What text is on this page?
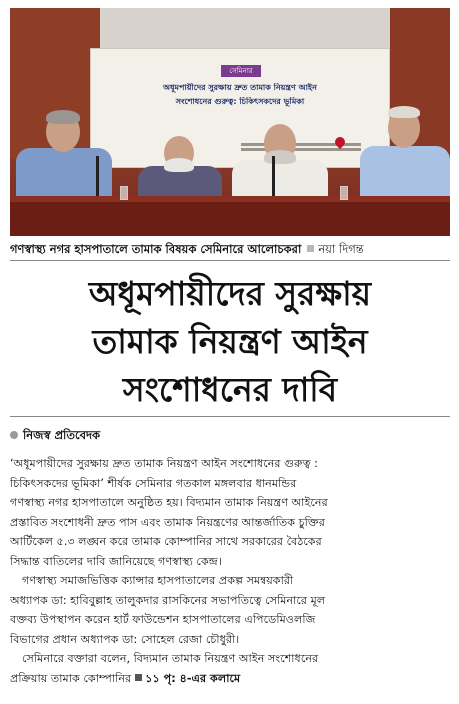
সেমিনার
অধূমপায়ীদের সুরক্ষায় দ্রুত তামাক নিয়ন্ত্রণ আইন
সংশোধনের গুরুত্ব: চিকিৎসকদের ভূমিকা
গণস্বাস্থ্য নগর হাসপাতালে তামাক বিষয়ক সেমিনারে আলোচকরা নয়া দিগন্ত
অধূমপায়ীদের সুরক্ষায়
তামাক নিয়ন্ত্রণ আইন
সংশোধনের দাবি
নিজস্ব প্রতিবেদক
‘অধূমপায়ীদের সুরক্ষায় দ্রুত তামাক নিয়ন্ত্রণ আইন সংশোধনের গুরুত্ব :
চিকিৎসকদের ভূমিকা’ শীর্ষক সেমিনার গতকাল মঙ্গলবার ধানমন্ডির
গণস্বাস্থ্য নগর হাসপাতালে অনুষ্ঠিত হয়। বিদ্যমান তামাক নিয়ন্ত্রণ আইনের
প্রস্তাবিত সংশোধনী দ্রুত পাস এবং তামাক নিয়ন্ত্রণের আন্তর্জাতিক চুক্তির
আর্টিকেল ৫.৩ লঙ্ঘন করে তামাক কোম্পানির সাথে সরকারের বৈঠকের
সিদ্ধান্ত বাতিলের দাবি জানিয়েছে গণস্বাস্থ্য কেন্দ্র।
গণস্বাস্থ্য সমাজভিত্তিক ক্যান্সার হাসপাতালের প্রকল্প সমন্বয়কারী
অধ্যাপক ডা: হাবিবুল্লাহ তালুকদার রাসকিনের সভাপতিত্বে সেমিনারে মূল
বক্তব্য উপস্থাপন করেন হার্ট ফাউন্ডেশন হাসপাতালের এপিডেমিওলজি
বিভাগের প্রধান অধ্যাপক ডা: সোহেল রেজা চৌধুরী।
সেমিনারে বক্তারা বলেন, বিদ্যমান তামাক নিয়ন্ত্রণ আইন সংশোধনের
প্রক্রিয়ায় তামাক কোম্পানির ১১ পৃ: ৪-এর কলামে
